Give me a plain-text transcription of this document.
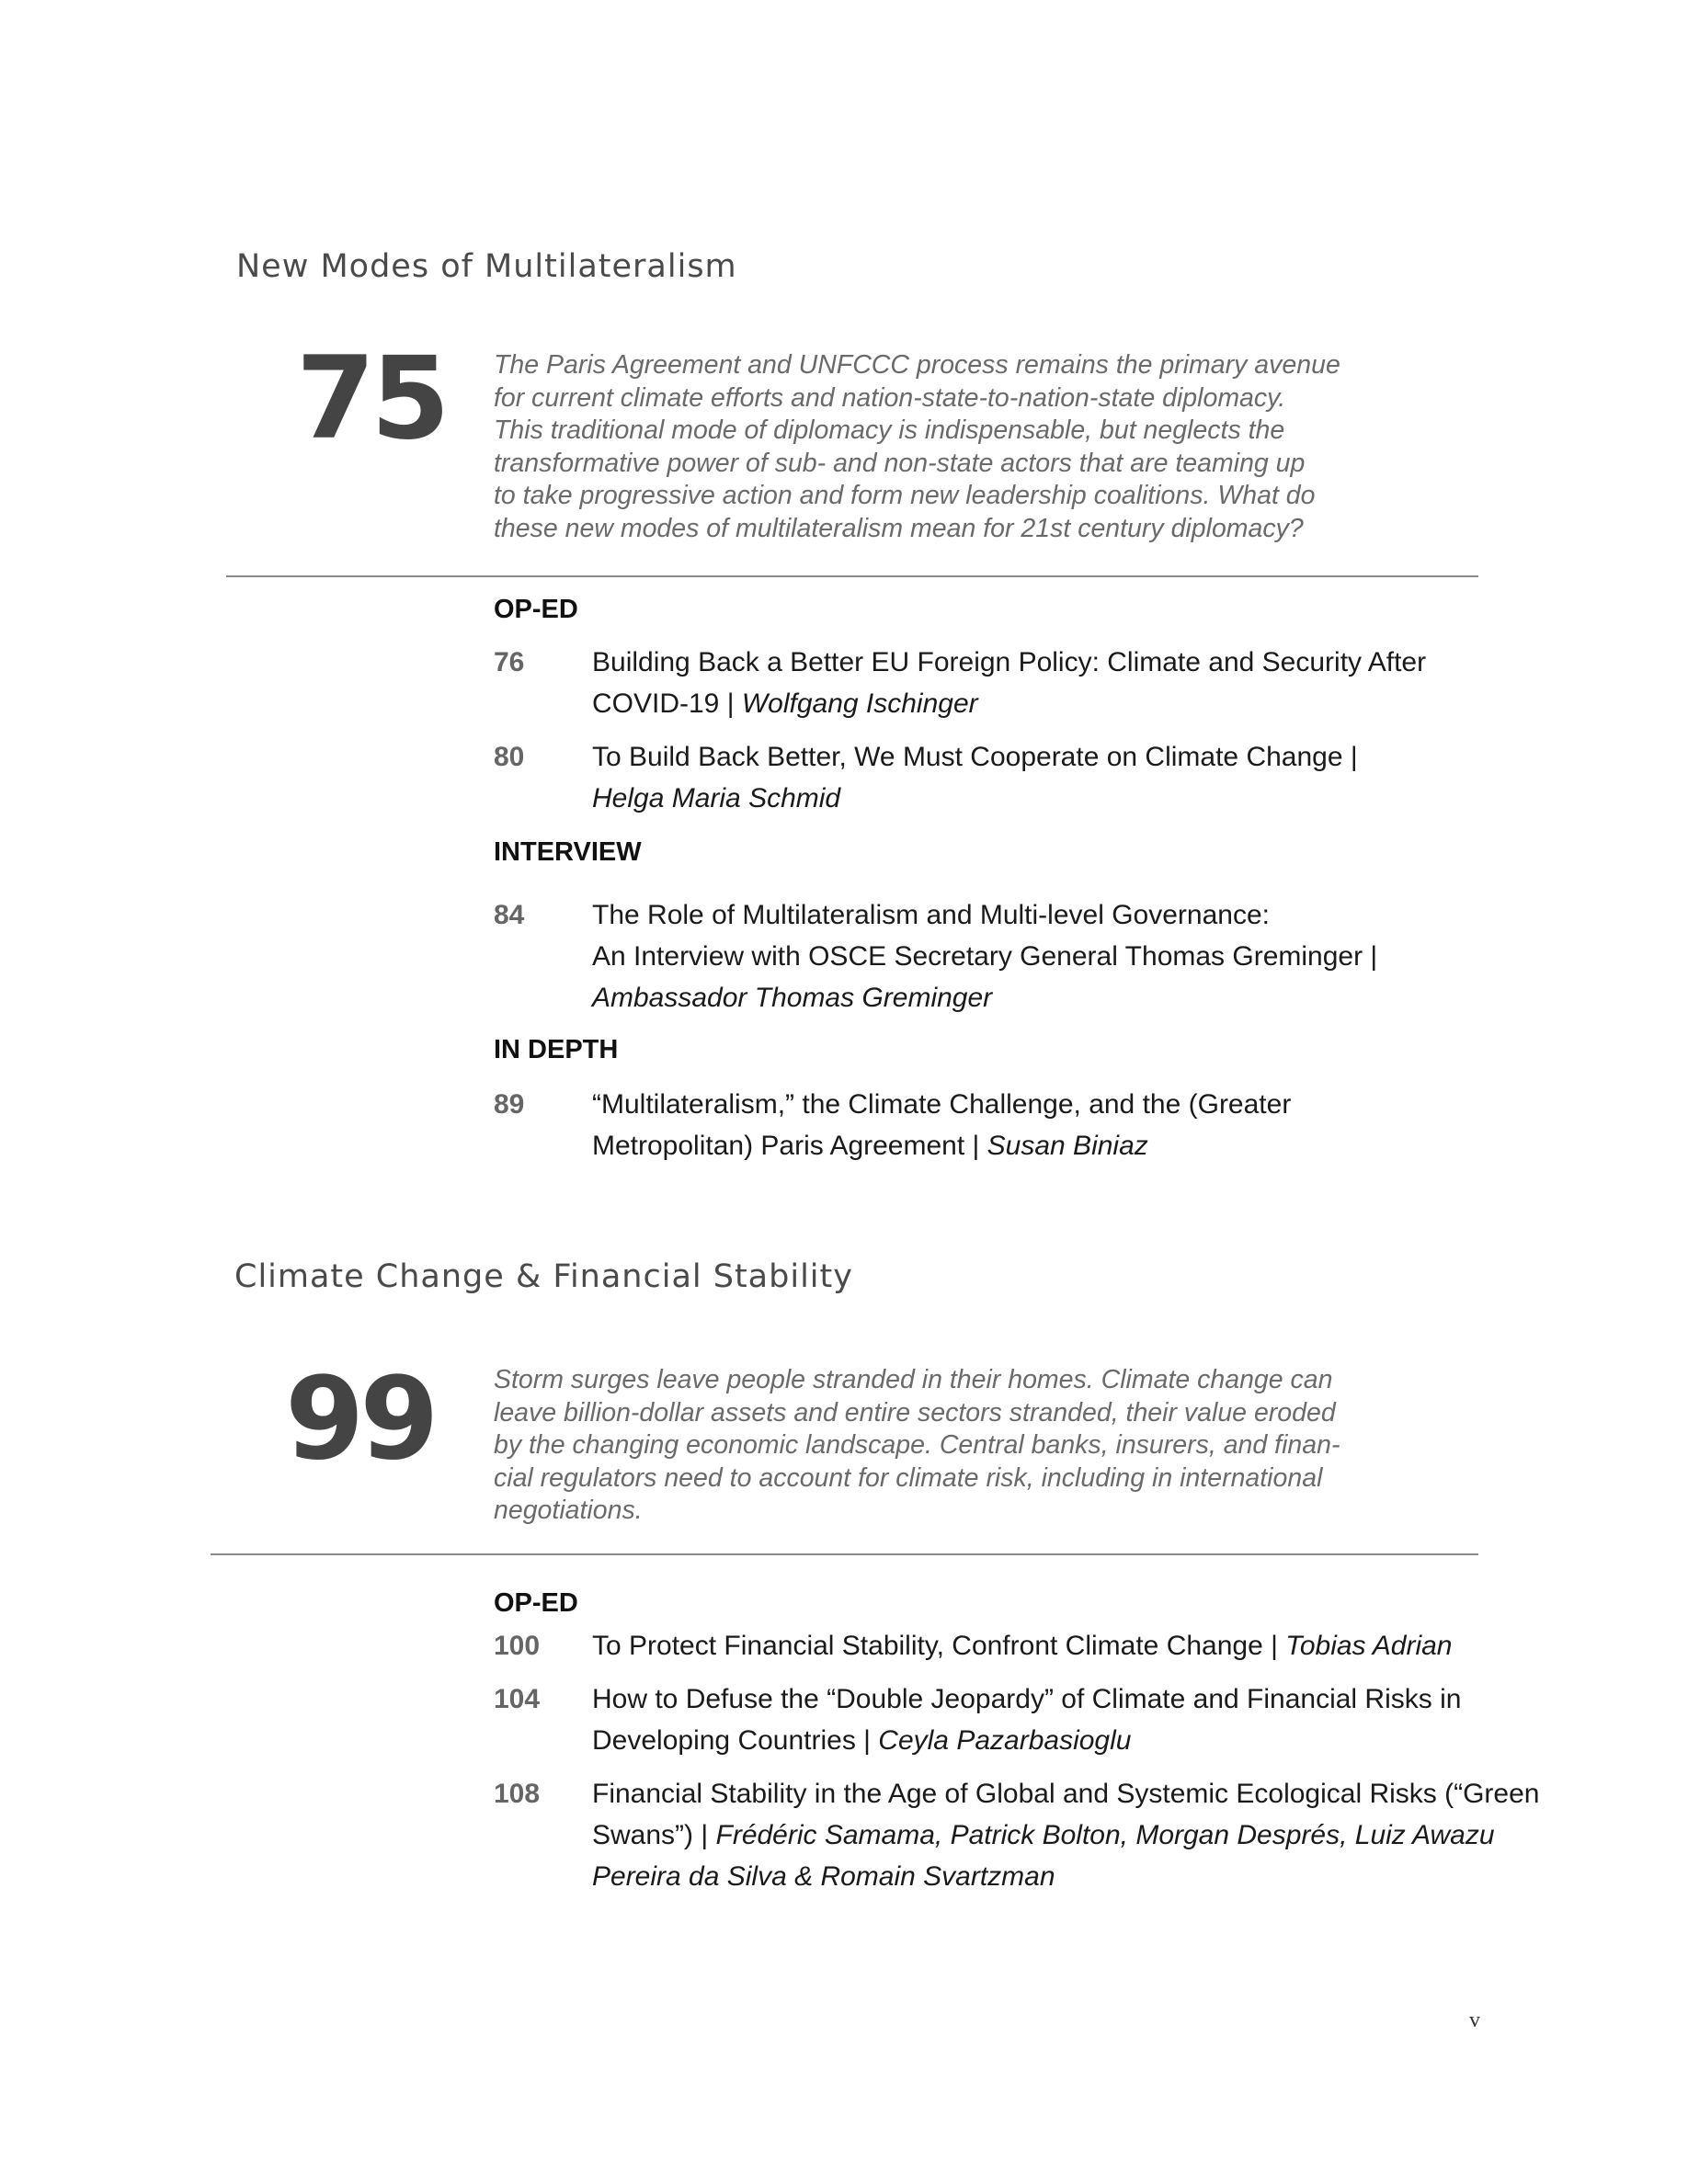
New Modes of Multilateralism
75 The Paris Agreement and UNFCCC process remains the primary avenue
for current climate efforts and nation-state-to-nation-state diplomacy.
This traditional mode of diplomacy is indispensable, but neglects the
transformative power of sub- and non-state actors that are teaming up
to take progressive action and form new leadership coalitions. What do
these new modes of multilateralism mean for 21st century diplomacy?
OP-ED
76 Building Back a Better EU Foreign Policy: Climate and Security After
COVID-19 | Wolfgang Ischinger
80 To Build Back Better, We Must Cooperate on Climate Change |
Helga Maria Schmid
INTERVIEW
84 The Role of Multilateralism and Multi-level Governance:
An Interview with OSCE Secretary General Thomas Greminger |
Ambassador Thomas Greminger
IN DEPTH
89 “Multilateralism,” the Climate Challenge, and the (Greater
Metropolitan) Paris Agreement | Susan Biniaz
Climate Change & Financial Stability
99 Storm surges leave people stranded in their homes. Climate change can
leave billion-dollar assets and entire sectors stranded, their value eroded
by the changing economic landscape. Central banks, insurers, and finan-
cial regulators need to account for climate risk, including in international
negotiations.
OP-ED
100 To Protect Financial Stability, Confront Climate Change | Tobias Adrian
104 How to Defuse the “Double Jeopardy” of Climate and Financial Risks in
Developing Countries | Ceyla Pazarbasioglu
108 Financial Stability in the Age of Global and Systemic Ecological Risks (“Green
Swans”) | Frédéric Samama, Patrick Bolton, Morgan Després, Luiz Awazu
Pereira da Silva & Romain Svartzman
v
